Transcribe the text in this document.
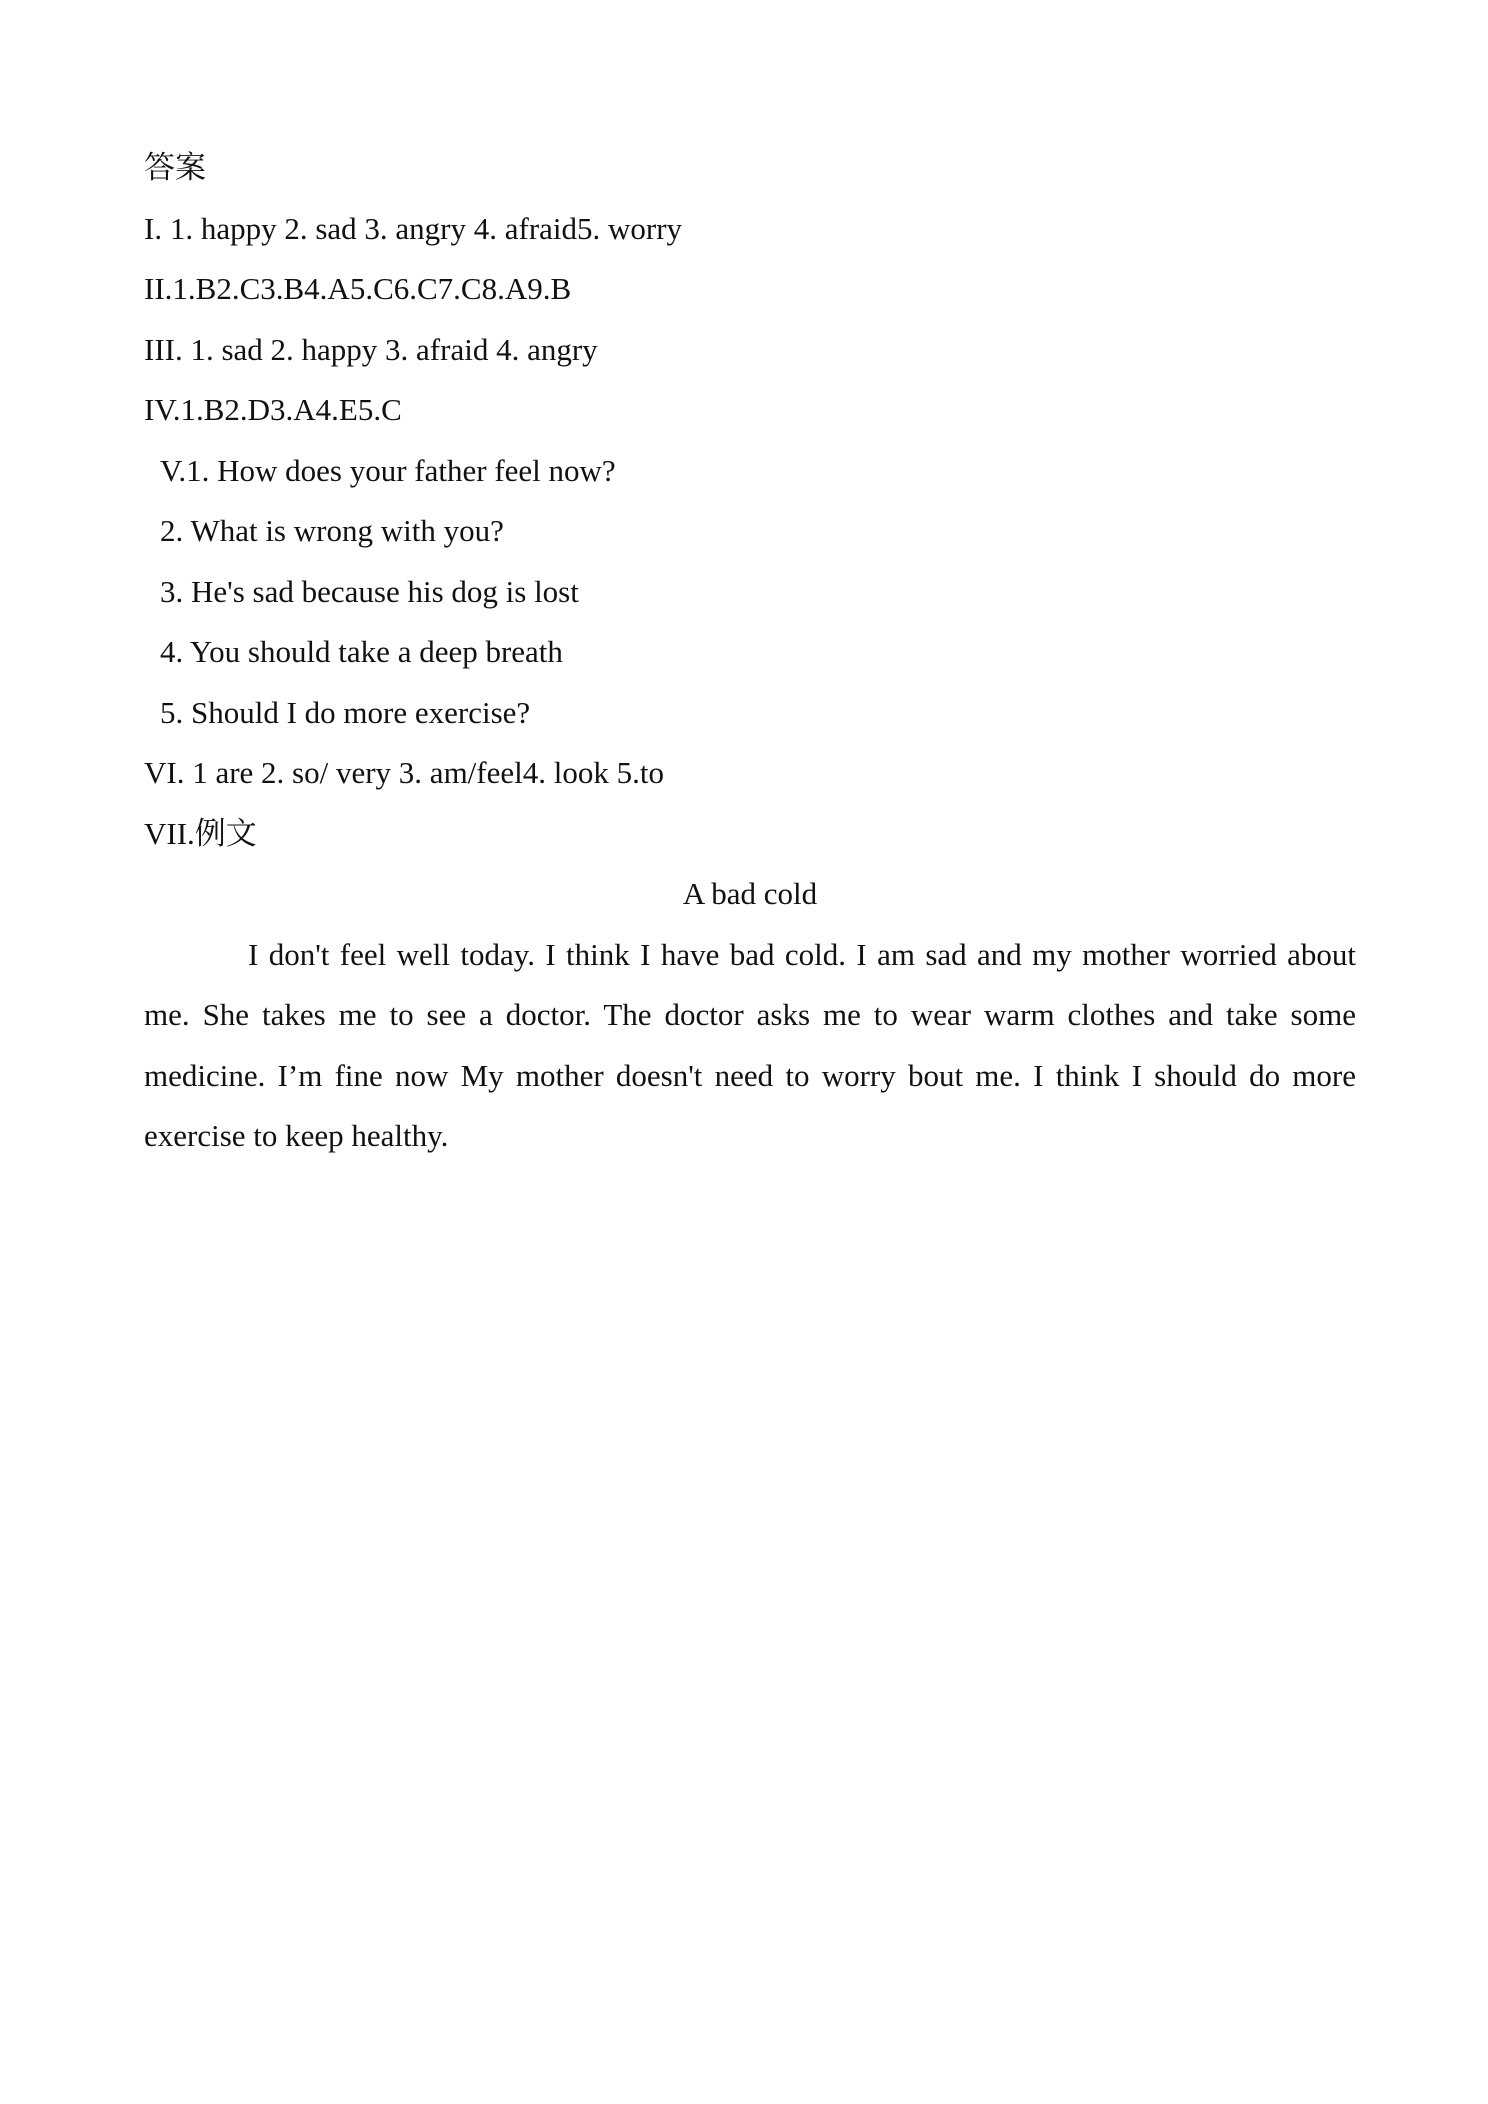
答案
I. 1. happy 2. sad 3. angry 4. afraid5. worry
II.1.B2.C3.B4.A5.C6.C7.C8.A9.B
III. 1. sad 2. happy 3. afraid 4. angry
IV.1.B2.D3.A4.E5.C
V.1. How does your father feel now?
2. What is wrong with you?
3. He's sad because his dog is lost
4. You should take a deep breath
5. Should I do more exercise?
VI. 1 are 2. so/ very 3. am/feel4. look 5.to
VII.例文
A bad cold

I don't feel well today. I think I have bad cold. I am sad and my mother worried about me. She takes me to see a doctor. The doctor asks me to wear warm clothes and take some medicine. I’m fine now My mother doesn't need to worry bout me. I think I should do more exercise to keep healthy.
